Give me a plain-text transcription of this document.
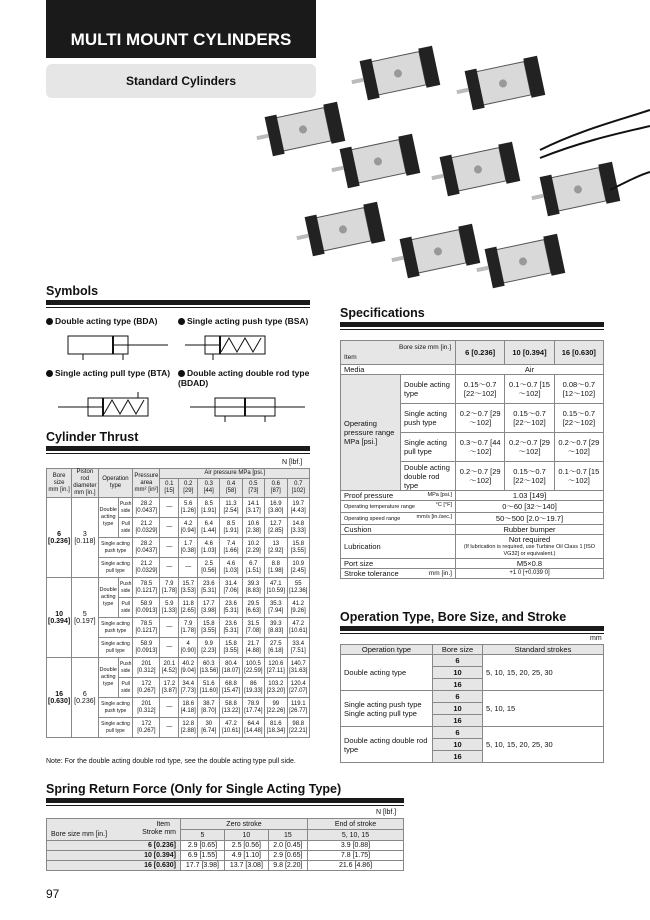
MULTI MOUNT CYLINDERS
Standard Cylinders
Symbols
Double acting type (BDA)	Single acting push type (BSA)
Single acting pull type (BTA)	Double acting double rod type (BDAD)
Cylinder Thrust
N [lbf.]
Bore size mm [in.]	Piston rod diameter mm [in.]	Operation type		Pressure area mm² [in²]	Air pressure MPa [psi.]						
					0.1 [15]	0.2 [29]	0.3 [44]	0.4 [58]	0.5 [73]	0.6 [87]	0.7 [102]
6 [0.236]	3 [0.118]	Double acting type	Push side	28.2 [0.0437]	—	5.6 [1.26]	8.5 [1.91]	11.3 [2.54]	14.1 [3.17]	16.9 [3.80]	19.7 [4.43]
			Pull side	21.2 [0.0329]	—	4.2 [0.94]	6.4 [1.44]	8.5 [1.91]	10.6 [2.38]	12.7 [2.85]	14.8 [3.33]
		Single acting push type		28.2 [0.0437]	—	1.7 [0.38]	4.6 [1.03]	7.4 [1.66]	10.2 [2.29]	13 [2.92]	15.8 [3.55]
		Single acting pull type		21.2 [0.0329]	—	—	2.5 [0.56]	4.6 [1.03]	6.7 [1.51]	8.8 [1.98]	10.9 [2.45]
10 [0.394]	5 [0.197]	Double acting type	Push side	78.5 [0.1217]	7.9 [1.78]	15.7 [3.53]	23.6 [5.31]	31.4 [7.06]	39.3 [8.83]	47.1 [10.59]	55 [12.36]
			Pull side	58.9 [0.0913]	5.9 [1.33]	11.8 [2.65]	17.7 [3.98]	23.6 [5.31]	29.5 [6.63]	35.3 [7.94]	41.2 [9.26]
		Single acting push type		78.5 [0.1217]	—	7.9 [1.78]	15.8 [3.55]	23.6 [5.31]	31.5 [7.08]	39.3 [8.83]	47.2 [10.61]
		Single acting pull type		58.9 [0.0913]	—	4 [0.90]	9.9 [2.23]	15.8 [3.55]	21.7 [4.88]	27.5 [6.18]	33.4 [7.51]
16 [0.630]	6 [0.236]	Double acting type	Push side	201 [0.312]	20.1 [4.52]	40.2 [9.04]	60.3 [13.56]	80.4 [18.07]	100.5 [22.59]	120.6 [27.11]	140.7 [31.63]
			Pull side	172 [0.267]	17.2 [3.87]	34.4 [7.73]	51.6 [11.60]	68.8 [15.47]	86 [19.33]	103.2 [23.20]	120.4 [27.07]
		Single acting push type		201 [0.312]	—	18.6 [4.18]	38.7 [8.70]	58.8 [13.22]	78.9 [17.74]	99 [22.26]	119.1 [26.77]
		Single acting pull type		172 [0.267]	—	12.8 [2.88]	30 [6.74]	47.2 [10.61]	64.4 [14.48]	81.6 [18.34]	98.8 [22.21]
Note: For the double acting double rod type, see the double acting type pull side.
Spring Return Force (Only for Single Acting Type)
N [lbf.]
Item
Stroke mm
Bore size mm [in.]	Zero stroke			End of stroke
	5	10	15	5, 10, 15
6 [0.236]	2.9 [0.65]	2.5 [0.56]	2.0 [0.45]	3.9 [0.88]
10 [0.394]	6.9 [1.55]	4.9 [1.10]	2.9 [0.65]	7.8 [1.75]
16 [0.630]	17.7 [3.98]	13.7 [3.08]	9.8 [2.20]	21.6 [4.86]
Specifications
Bore size mm [in.]
Item		6 [0.236]	10 [0.394]	16 [0.630]

Media		Air		
Operating pressure range MPa [psi.]	Double acting type	0.15～0.7 [22～102]	0.1～0.7 [15～102]	0.08～0.7 [12～102]
	Single acting push type	0.2～0.7 [29～102]	0.15～0.7 [22～102]	0.15～0.7 [22～102]
	Single acting pull type	0.3～0.7 [44～102]	0.2～0.7 [29～102]	0.2～0.7 [29～102]
	Double acting double rod type	0.2～0.7 [29～102]	0.15～0.7 [22～102]	0.1～0.7 [15～102]
Proof pressure MPa [psi.]		1.03 [149]		
Operating temperature range °C [°F]		0～60 [32～140]		
Operating speed range mm/s [in./sec.]		50～500 [2.0～19.7]		
Cushion		Rubber bumper		
Lubrication		Not required
(If lubrication is required, use Turbine Oil Class 1 [ISO VG32] or equivalent.)		

Port size		M5×0.8		
Stroke tolerance mm [in.]		+1 0 [+0.039 0]		
Operation Type, Bore Size, and Stroke
mm
Operation type	Bore size	Standard strokes

Double acting type	6	5, 10, 15, 20, 25, 30
	10	
	16	

Single acting push type
Single acting pull type	6	5, 10, 15
	10	
	16	

Double acting double rod type	6	5, 10, 15, 20, 25, 30
	10	
	16	
97
